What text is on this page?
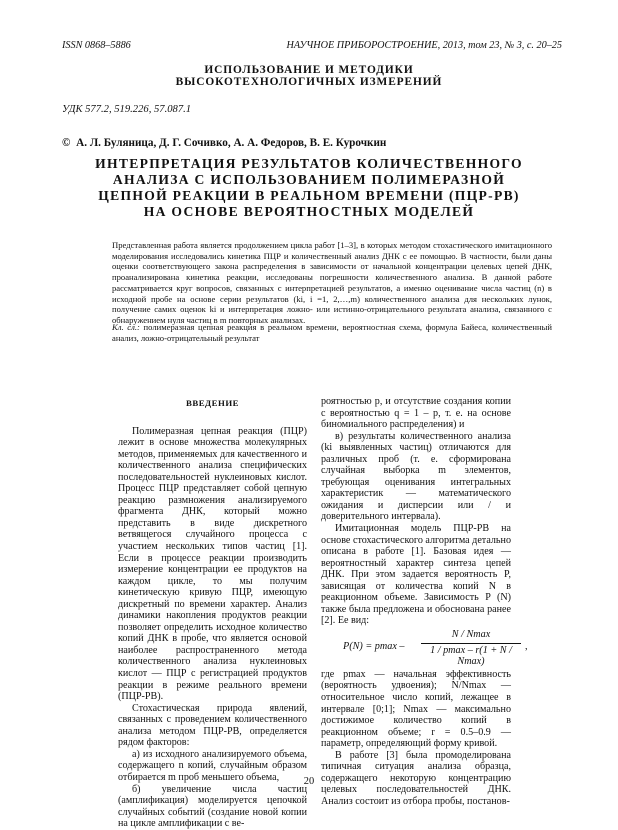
ISSN 0868–5886	НАУЧНОЕ ПРИБОРОСТРОЕНИЕ, 2013, том 23, № 3, с. 20–25
ИСПОЛЬЗОВАНИЕ И МЕТОДИКИ
ВЫСОКОТЕХНОЛОГИЧНЫХ ИЗМЕРЕНИЙ
УДК 577.2, 519.226, 57.087.1
© А. Л. Буляница, Д. Г. Сочивко, А. А. Федоров, В. Е. Курочкин
ИНТЕРПРЕТАЦИЯ РЕЗУЛЬТАТОВ КОЛИЧЕСТВЕННОГО
АНАЛИЗА С ИСПОЛЬЗОВАНИЕМ ПОЛИМЕРАЗНОЙ
ЦЕПНОЙ РЕАКЦИИ В РЕАЛЬНОМ ВРЕМЕНИ (ПЦР-РВ)
НА ОСНОВЕ ВЕРОЯТНОСТНЫХ МОДЕЛЕЙ
Представленная работа является продолжением цикла работ [1–3], в которых методом стохастического имитационного моделирования исследовались кинетика ПЦР и количественный анализ ДНК с ее помощью. В частности, были даны оценки соответствующего закона распределения в зависимости от начальной концентрации целевых цепей ДНК, проанализирована кинетика реакции, исследованы погрешности количественного анализа. В данной работе рассматривается круг вопросов, связанных с интерпретацией результатов, а именно оценивание числа частиц (n) в исходной пробе на основе серии результатов (ki, i =1, 2,…,m) количественного анализа для нескольких лунок, получение самих оценок ki и интерпретация ложно- или истинно-отрицательного результата анализа, связанного с обнаружением нуля частиц в m повторных анализах.
Кл. сл.: полимеразная цепная реакция в реальном времени, вероятностная схема, формула Байеса, количественный анализ, ложно-отрицательный результат
ВВЕДЕНИЕ

Полимеразная цепная реакция (ПЦР) лежит в основе множества молекулярных методов, применяемых для качественного и количественного анализа специфических последовательностей нуклеиновых кислот. Процесс ПЦР представляет собой цепную реакцию размножения анализируемого фрагмента ДНК, который можно представить в виде дискретного ветвящегося случайного процесса с участием нескольких типов частиц [1]. Если в процессе реакции производить измерение концентрации ее продуктов на каждом цикле, то мы получим кинетическую кривую ПЦР, имеющую дискретный по времени характер. Анализ динамики накопления продуктов реакции позволяет определить исходное количество копий ДНК в пробе, что является основой наиболее распространенного метода количественного анализа нуклеиновых кислот — ПЦР с регистрацией продуктов реакции в режиме реального времени (ПЦР-РВ).

Стохастическая природа явлений, связанных с проведением количественного анализа методом ПЦР-РВ, определяется рядом факторов:

а) из исходного анализируемого объема, содержащего n копий, случайным образом отбирается m проб меньшего объема,

б) увеличение числа частиц (амплификация) моделируется цепочкой случайных событий (создание новой копии на цикле амплификации с ве-

роятностью p, и отсутствие создания копии с вероятностью q = 1 – p, т. е. на основе биномиального распределения) и

в) результаты количественного анализа (ki выявленных частиц) отличаются для различных проб (т. е. сформирована случайная выборка m элементов, требующая оценивания интегральных характеристик — математического ожидания и дисперсии или / и доверительного интервала).

Имитационная модель ПЦР-РВ на основе стохастического алгоритма детально описана в работе [1]. Базовая идея — вероятностный характер синтеза цепей ДНК. При этом задается вероятность P, зависящая от количества копий N в реакционном объеме. Зависимость P (N) также была предложена и обоснована ранее [2]. Ее вид:

P(N) = pmax –
N / Nmax
1 / pmax – r(1 + N / Nmax)
,

где pmax — начальная эффективность (вероятность удвоения); N/Nmax — относительное число копий, лежащее в интервале [0;1]; Nmax — максимально достижимое количество копий в реакционном объеме; r = 0.5–0.9 — параметр, определяющий форму кривой.

В работе [3] была промоделирована типичная ситуация анализа образца, содержащего некоторую концентрацию целевых последовательностей ДНК. Анализ состоит из отбора пробы, постанов-

20
